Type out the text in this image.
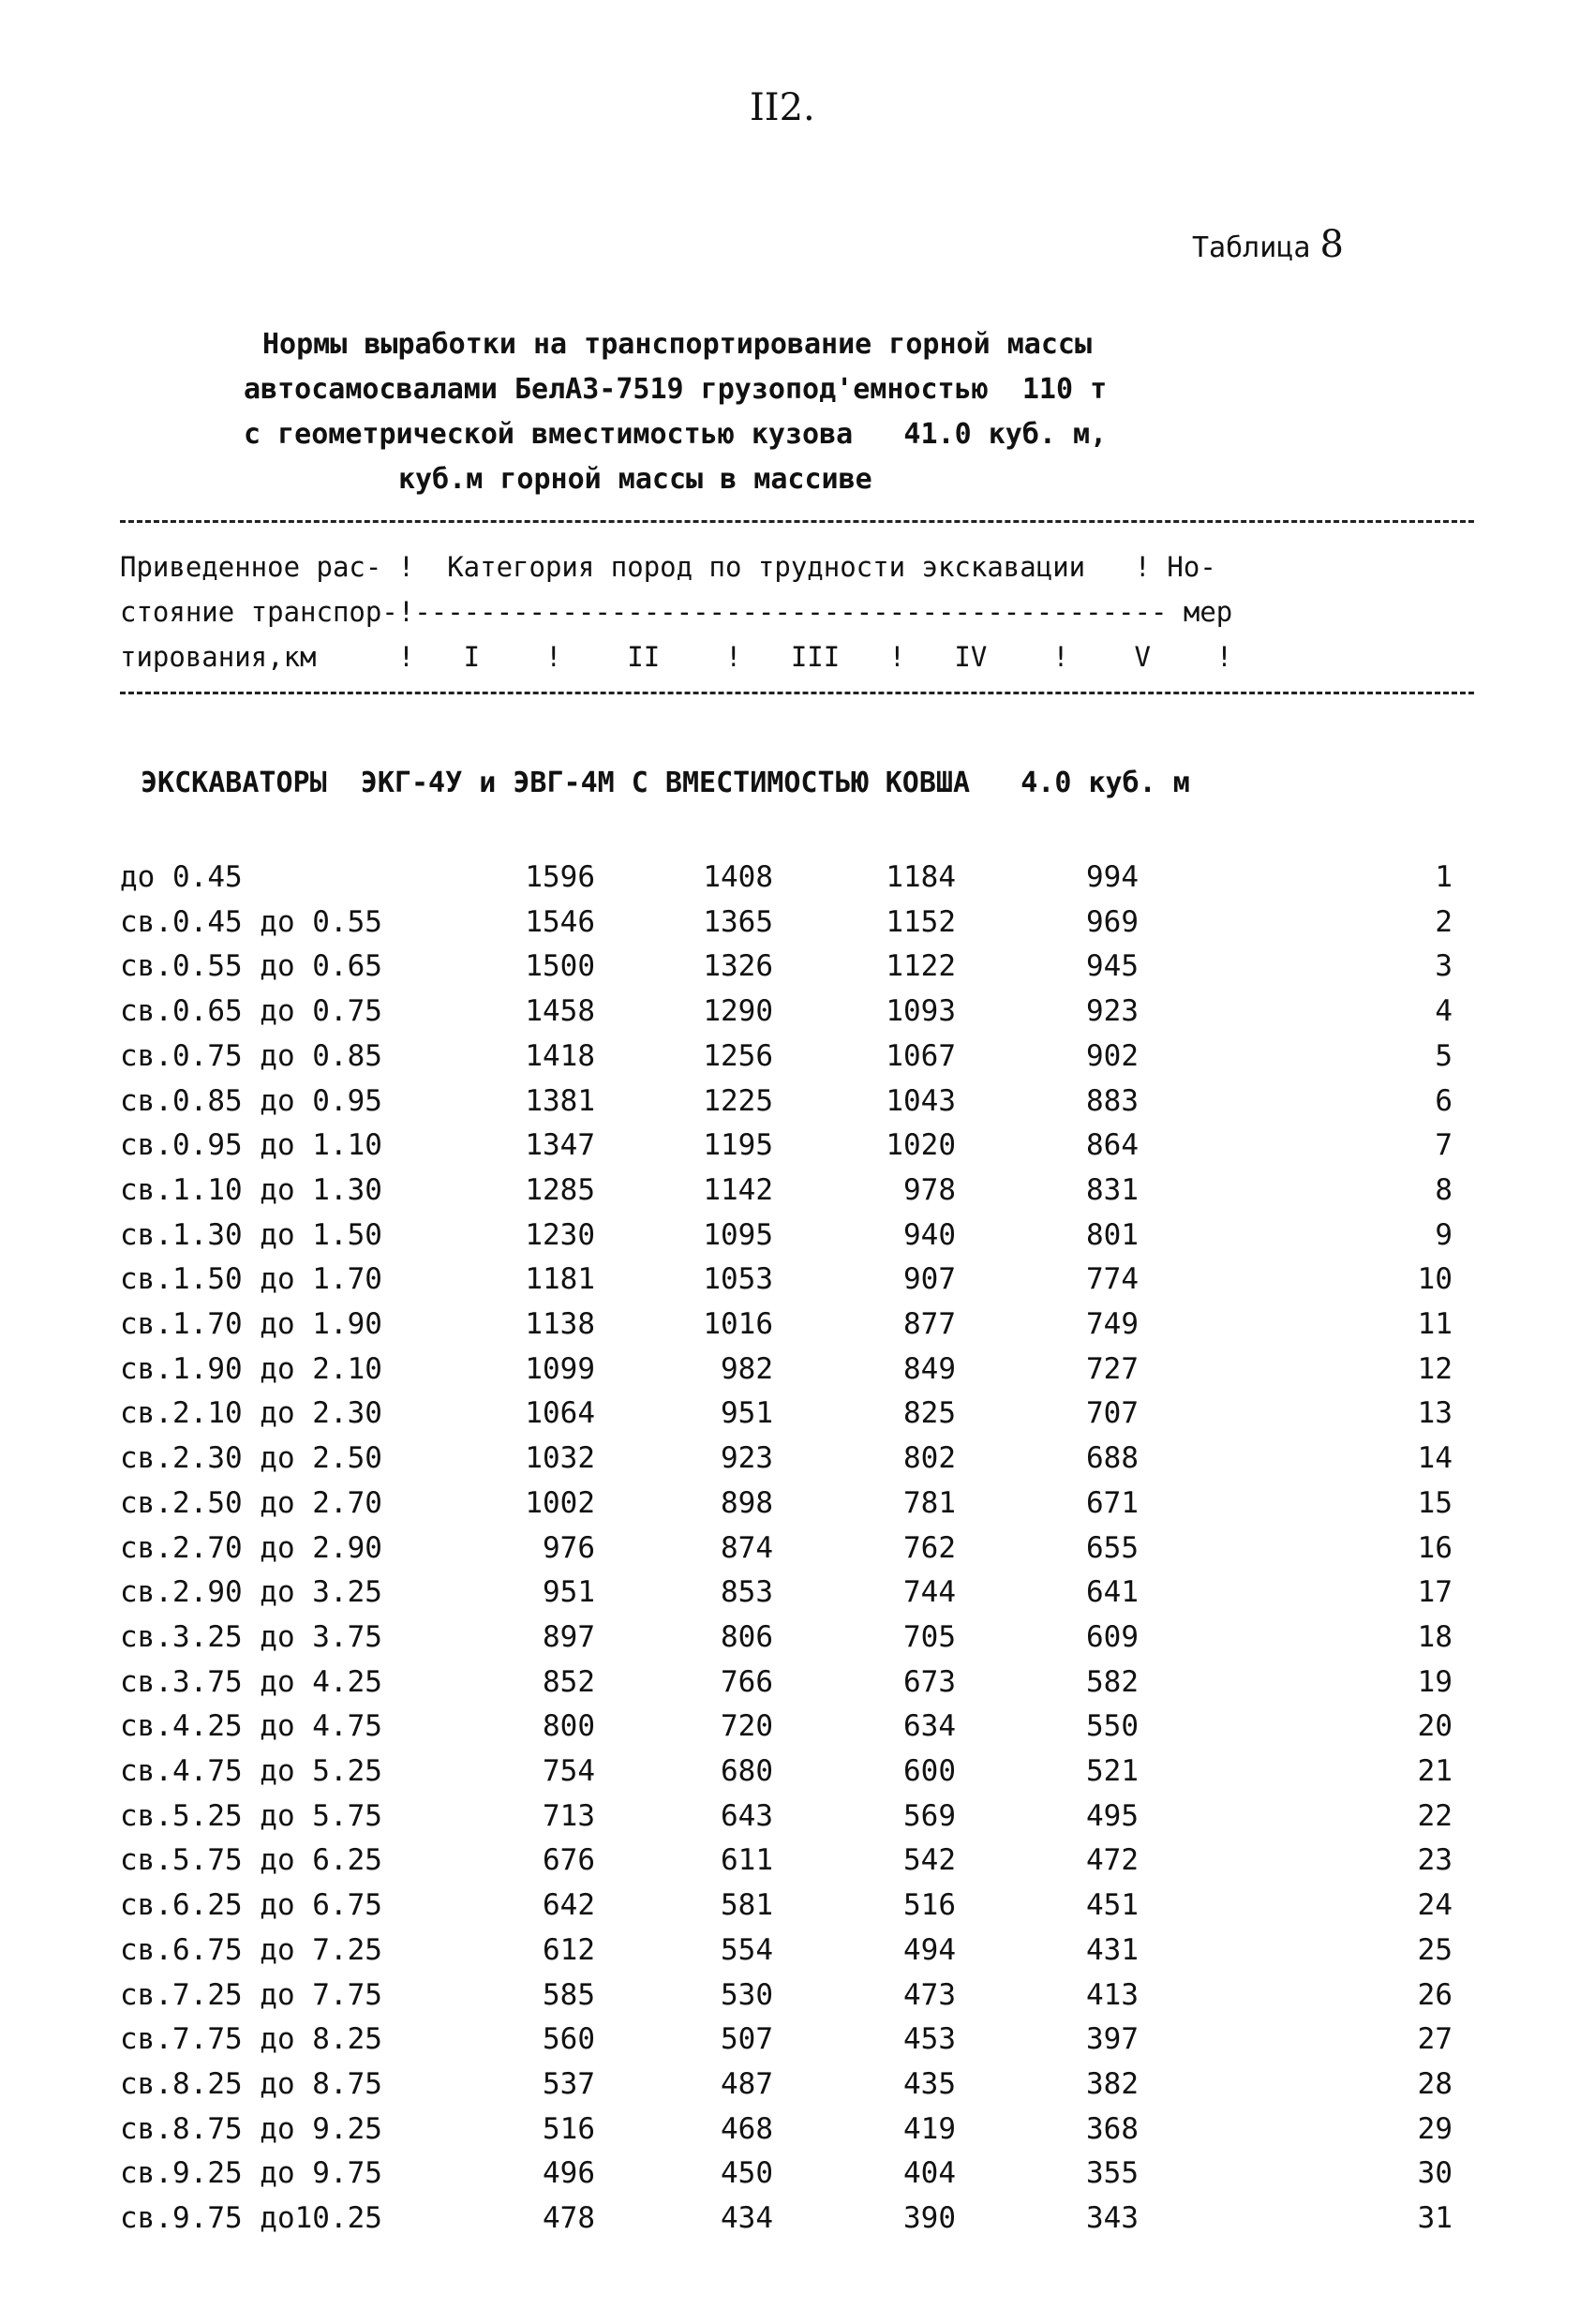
II2.
Таблица 8
Нормы выработки на транспортирование горной массы
автосамосвалами БелАЗ-7519 грузопод'емностью  110 т
с геометрической вместимостью кузова   41.0 куб. м,
куб.м горной массы в массиве
Приведенное рас- !  Категория пород по трудности экскавации   ! Но-
стояние транспор-!---------------------------------------------- мер
тирования,км     !   I    !    II    !   III   !   IV    !    V    !
ЭКСКАВАТОРЫ  ЭКГ-4У и ЭВГ-4М С ВМЕСТИМОСТЬЮ КОВША   4.0 куб. м
до 0.45	1596	1408	1184	994	1
св.0.45 до 0.55	1546	1365	1152	969	2
св.0.55 до 0.65	1500	1326	1122	945	3
св.0.65 до 0.75	1458	1290	1093	923	4
св.0.75 до 0.85	1418	1256	1067	902	5
св.0.85 до 0.95	1381	1225	1043	883	6
св.0.95 до 1.10	1347	1195	1020	864	7
св.1.10 до 1.30	1285	1142	978	831	8
св.1.30 до 1.50	1230	1095	940	801	9
св.1.50 до 1.70	1181	1053	907	774	10
св.1.70 до 1.90	1138	1016	877	749	11
св.1.90 до 2.10	1099	982	849	727	12
св.2.10 до 2.30	1064	951	825	707	13
св.2.30 до 2.50	1032	923	802	688	14
св.2.50 до 2.70	1002	898	781	671	15
св.2.70 до 2.90	976	874	762	655	16
св.2.90 до 3.25	951	853	744	641	17
св.3.25 до 3.75	897	806	705	609	18
св.3.75 до 4.25	852	766	673	582	19
св.4.25 до 4.75	800	720	634	550	20
св.4.75 до 5.25	754	680	600	521	21
св.5.25 до 5.75	713	643	569	495	22
св.5.75 до 6.25	676	611	542	472	23
св.6.25 до 6.75	642	581	516	451	24
св.6.75 до 7.25	612	554	494	431	25
св.7.25 до 7.75	585	530	473	413	26
св.7.75 до 8.25	560	507	453	397	27
св.8.25 до 8.75	537	487	435	382	28
св.8.75 до 9.25	516	468	419	368	29
св.9.25 до 9.75	496	450	404	355	30
св.9.75 до10.25	478	434	390	343	31
